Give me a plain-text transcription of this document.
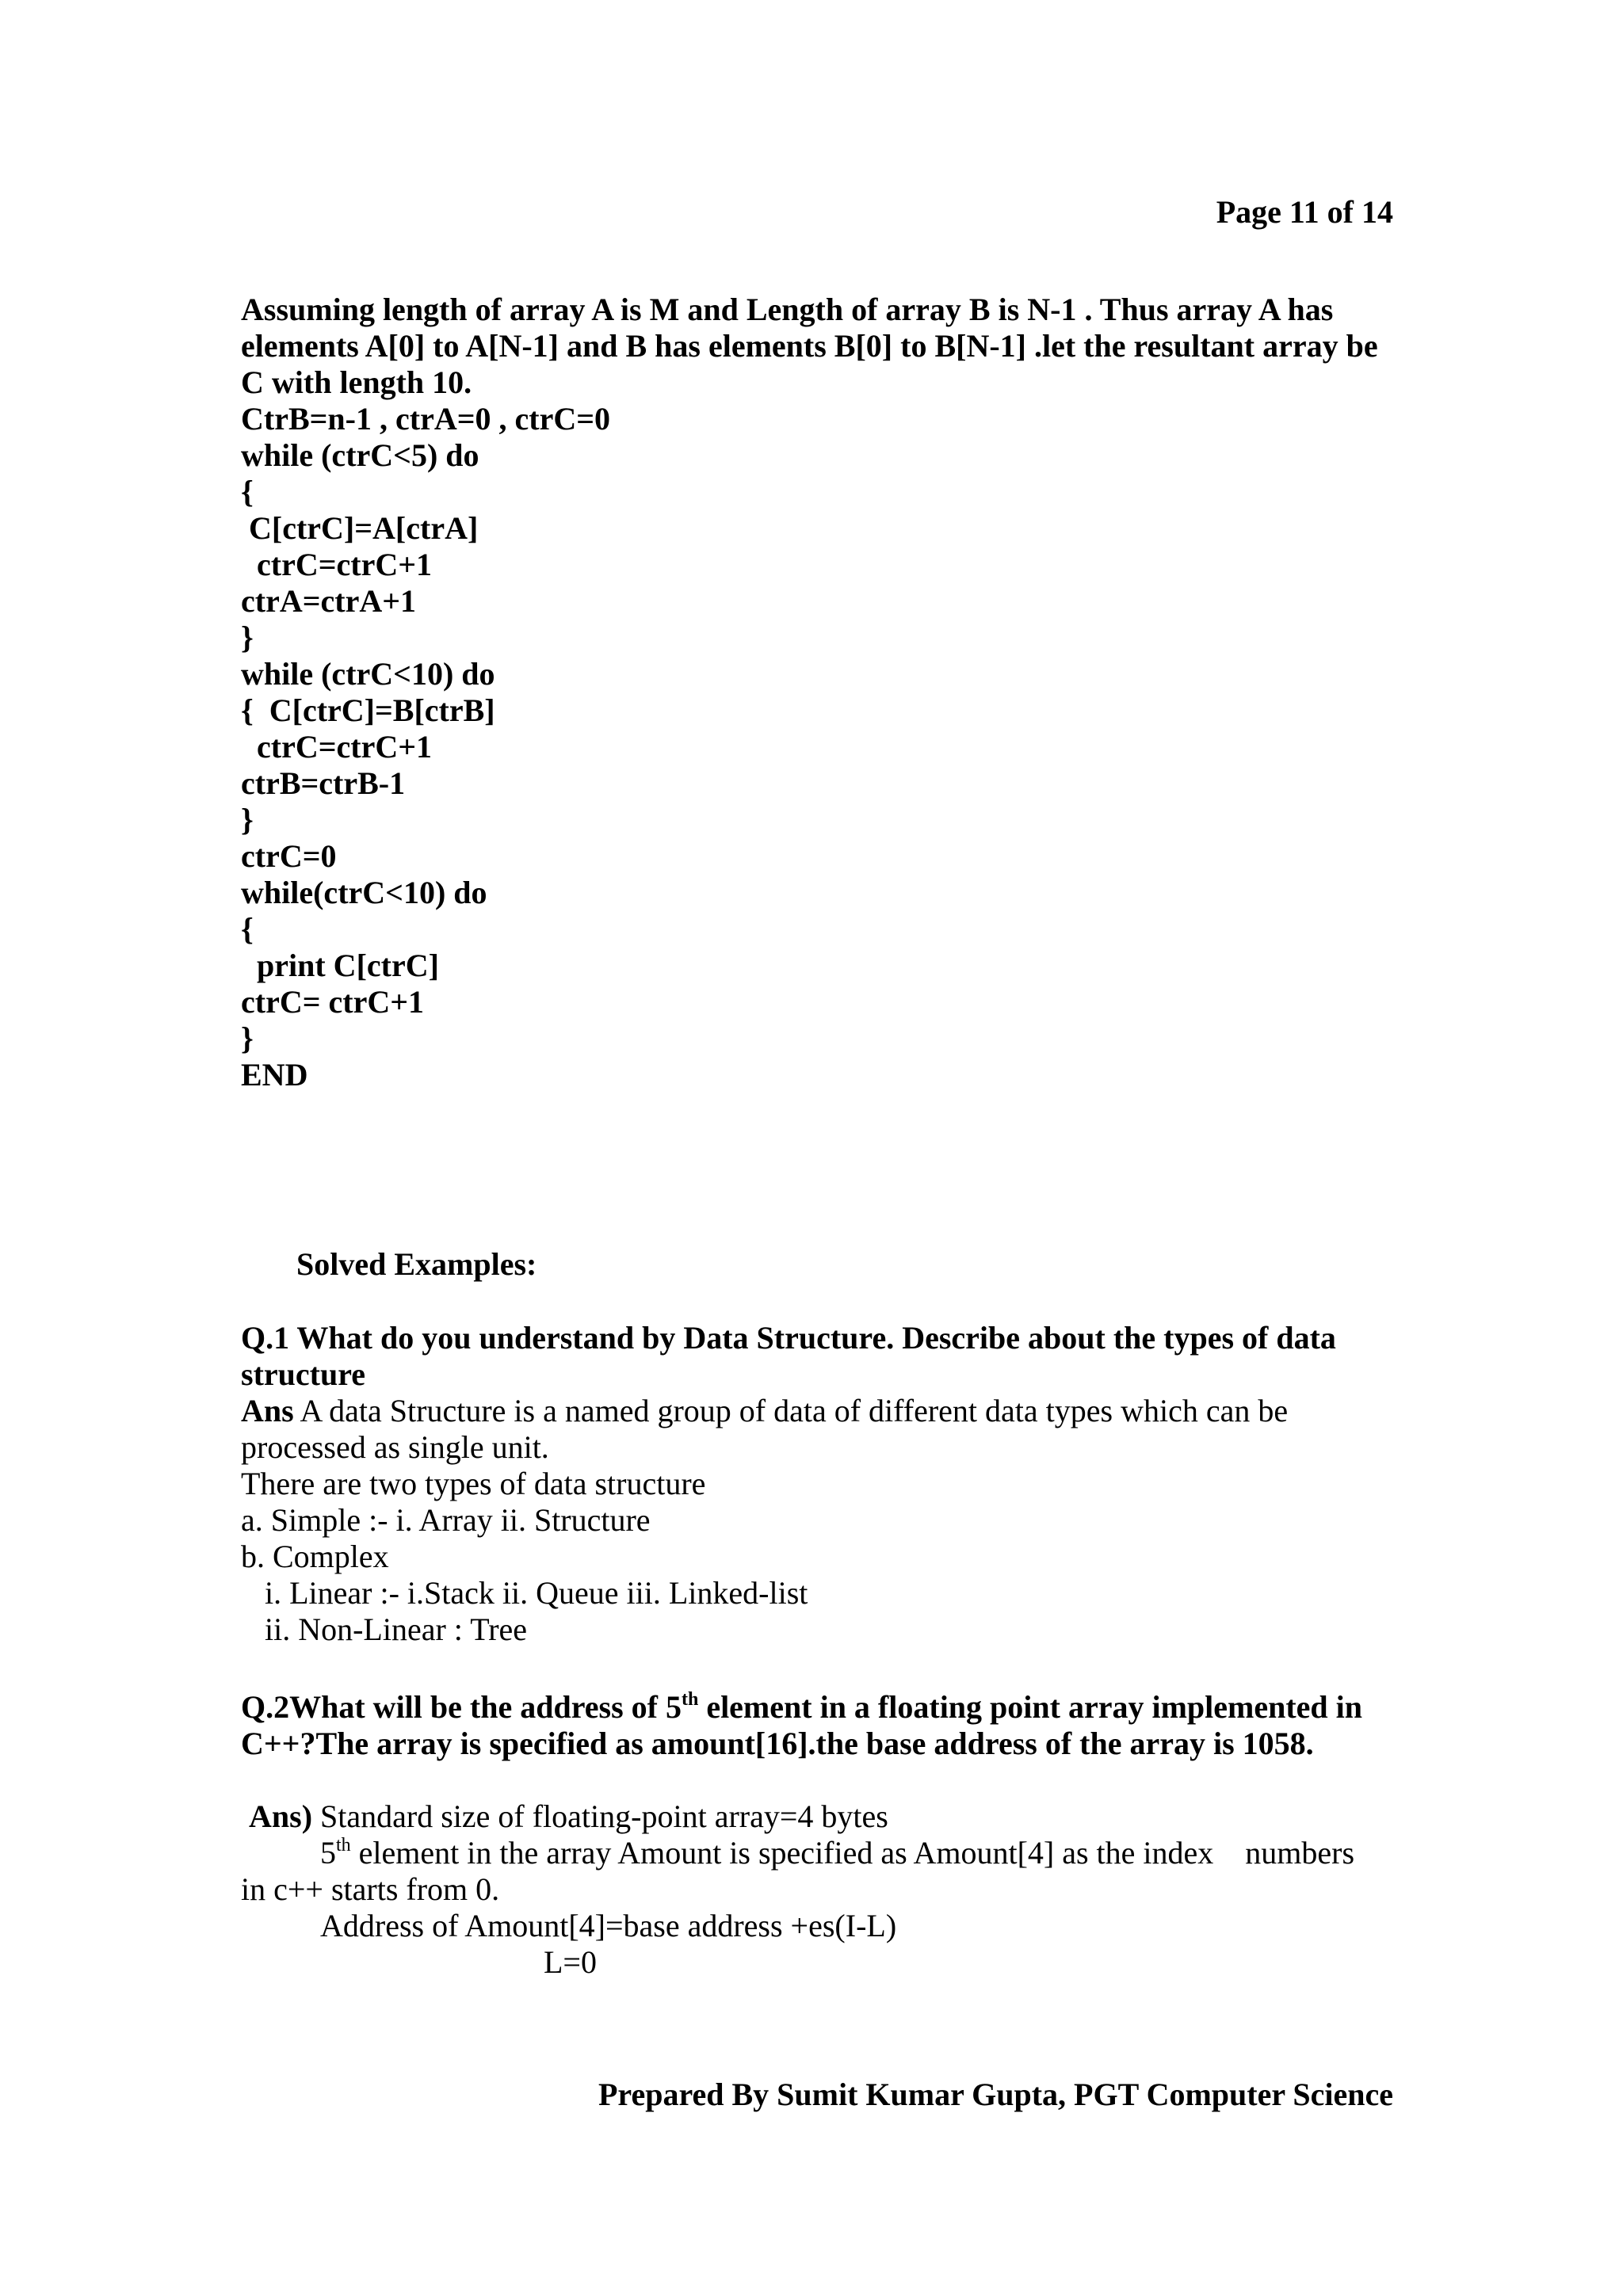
Page 11 of 14
Assuming length of array A is M and Length of array B is N-1 . Thus array A has
elements A[0] to A[N-1] and B has elements B[0] to B[N-1] .let the resultant array be
C with length 10.
CtrB=n-1 , ctrA=0 , ctrC=0
while (ctrC<5) do
{
C[ctrC]=A[ctrA]
ctrC=ctrC+1
ctrA=ctrA+1
}
while (ctrC<10) do
{  C[ctrC]=B[ctrB]
ctrC=ctrC+1
ctrB=ctrB-1
}
ctrC=0
while(ctrC<10) do
{
print C[ctrC]
ctrC= ctrC+1
}
END
Solved Examples:
Q.1 What do you understand by Data Structure. Describe about the types of data
structure
Ans A data Structure is a named group of data of different data types which can be
processed as single unit.
There are two types of data structure
a. Simple :- i. Array ii. Structure
b. Complex
i. Linear :- i.Stack ii. Queue iii. Linked-list
ii. Non-Linear : Tree
Q.2What will be the address of 5th element in a floating point array implemented in
C++?The array is specified as amount[16].the base address of the array is 1058.
Ans) Standard size of floating-point array=4 bytes
5th element in the array Amount is specified as Amount[4] as the index    numbers
in c++ starts from 0.
Address of Amount[4]=base address +es(I-L)
L=0
Prepared By Sumit Kumar Gupta, PGT Computer Science
